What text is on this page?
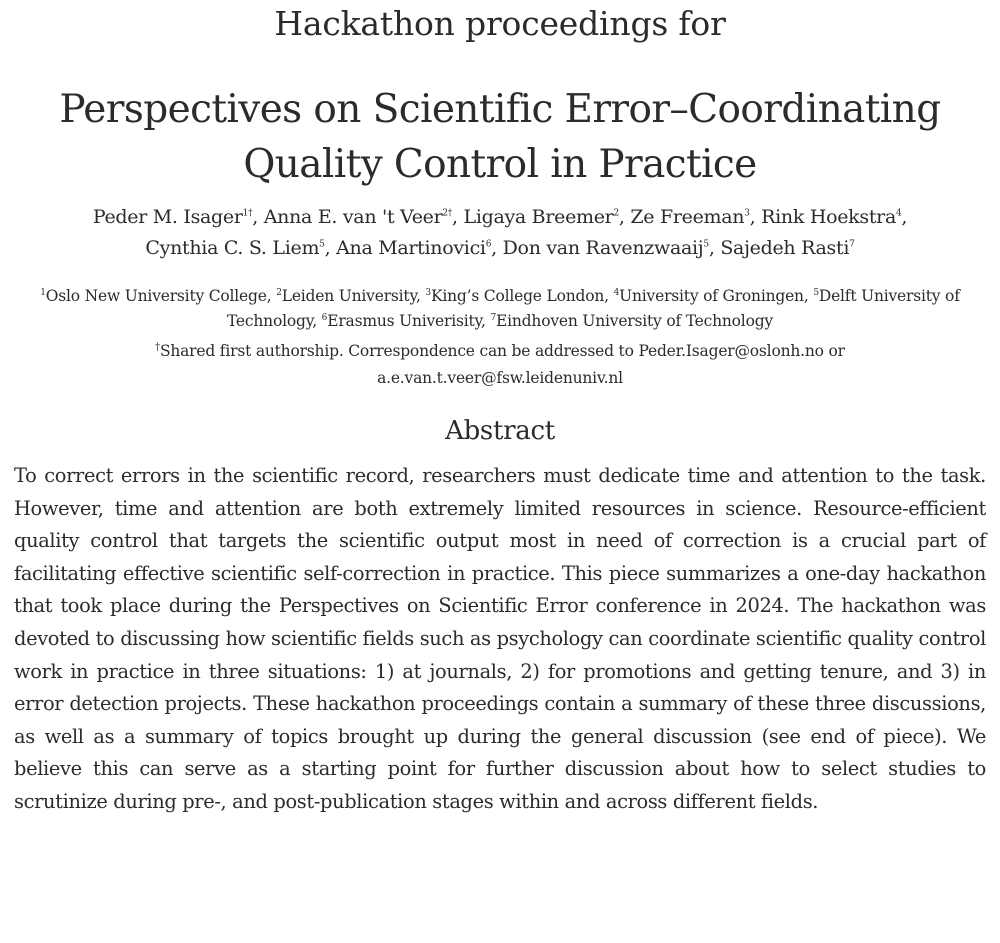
Hackathon proceedings for
Perspectives on Scientific Error–Coordinating
Quality Control in Practice
Peder M. Isager$^{1\dagger}$, Anna E. van 't Veer$^{2\dagger}$, Ligaya Breemer$^2$, Ze Freeman$^3$, Rink Hoekstra$^4$,
Cynthia C. S. Liem$^5$, Ana Martinovici$^6$, Don van Ravenzwaaij$^5$, Sajedeh Rasti$^7$
$^1$Oslo New University College, $^2$Leiden University, $^3$King’s College London, $^4$University of Groningen, $^5$Delft University of Technology, $^6$Erasmus Univerisity, $^7$Eindhoven University of Technology
†Shared first authorship. Correspondence can be addressed to Peder.Isager@oslonh.no or
a.e.van.t.veer@fsw.leidenuniv.nl
Abstract

To correct errors in the scientific record, researchers must dedicate time and attention to the task. However, time and attention are both extremely limited resources in science. Resource-efficient quality control that targets the scientific output most in need of correction is a crucial part of facilitating effective scientific self-correction in practice. This piece summarizes a one-day hackathon that took place during the Perspectives on Scientific Error conference in 2024. The hackathon was devoted to discussing how scientific fields such as psychology can coordinate scientific quality control work in practice in three situations: 1) at journals, 2) for promotions and getting tenure, and 3) in error detection projects. These hackathon proceedings contain a summary of these three discussions, as well as a summary of topics brought up during the general discussion (see end of piece). We believe this can serve as a starting point for further discussion about how to select studies to scrutinize during pre-, and post-publication stages within and across different fields.
